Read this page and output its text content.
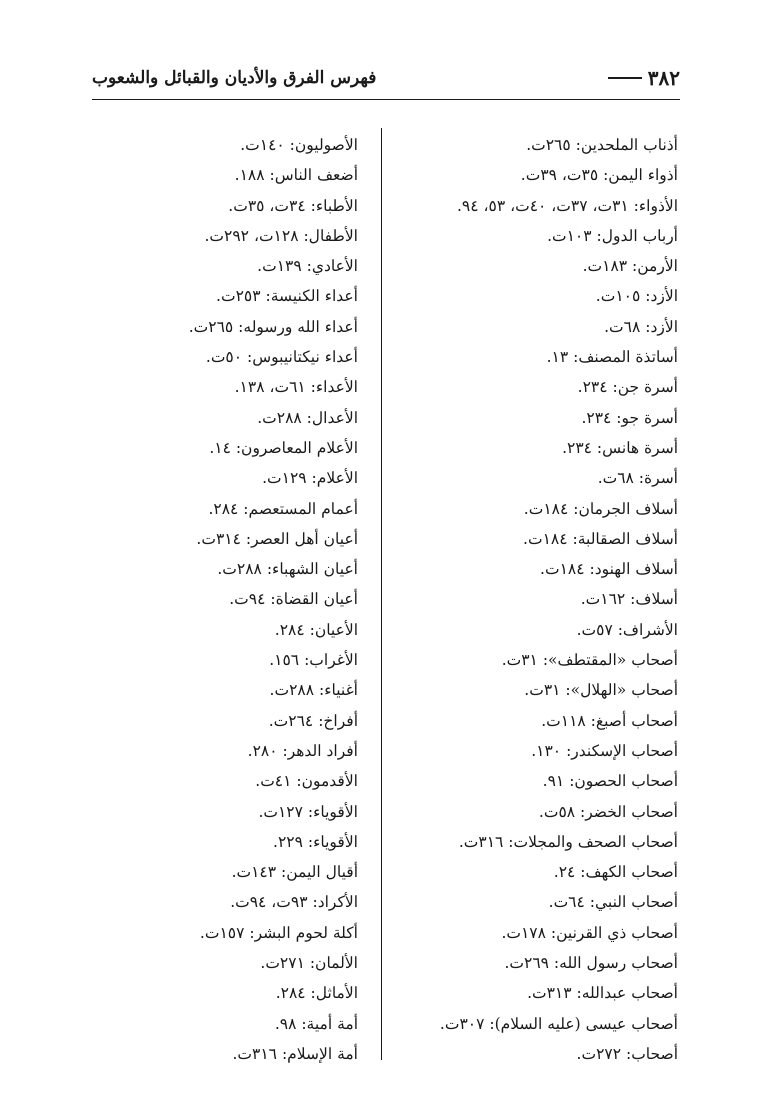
فهرس الفرق والأديان والقبائل والشعوب	٣٨٢
أذناب الملحدين: ٢٦٥ت.
أذواء اليمن: ٣٥ت، ٣٩ت.
الأذواء: ٣١ت، ٣٧ت، ٤٠ت، ٥٣، ٩٤.
أرباب الدول: ١٠٣ت.
الأرمن: ١٨٣ت.
الأزد: ١٠٥ت.
الأزد: ٦٨ت.
أساتذة المصنف: ١٣.
أسرة جن: ٢٣٤.
أسرة جو: ٢٣٤.
أسرة هانس: ٢٣٤.
أسرة: ٦٨ت.
أسلاف الجرمان: ١٨٤ت.
أسلاف الصقالبة: ١٨٤ت.
أسلاف الهنود: ١٨٤ت.
أسلاف: ١٦٢ت.
الأشراف: ٥٧ت.
أصحاب «المقتطف»: ٣١ت.
أصحاب «الهلال»: ٣١ت.
أصحاب أصبغ: ١١٨ت.
أصحاب الإسكندر: ١٣٠.
أصحاب الحصون: ٩١.
أصحاب الخضر: ٥٨ت.
أصحاب الصحف والمجلات: ٣١٦ت.
أصحاب الكهف: ٢٤.
أصحاب النبي: ٦٤ت.
أصحاب ذي القرنين: ١٧٨ت.
أصحاب رسول الله: ٢٦٩ت.
أصحاب عبدالله: ٣١٣ت.
أصحاب عيسى (عليه السلام): ٣٠٧ت.
أصحاب: ٢٧٢ت.
الأصوليون: ١٤٠ت.
أضعف الناس: ١٨٨.
الأطباء: ٣٤ت، ٣٥ت.
الأطفال: ١٢٨ت، ٢٩٢ت.
الأعادي: ١٣٩ت.
أعداء الكنيسة: ٢٥٣ت.
أعداء الله ورسوله: ٢٦٥ت.
أعداء نيكتانيبوس: ٥٠ت.
الأعداء: ٦١ت، ١٣٨.
الأعدال: ٢٨٨ت.
الأعلام المعاصرون: ١٤.
الأعلام: ١٢٩ت.
أعمام المستعصم: ٢٨٤.
أعيان أهل العصر: ٣١٤ت.
أعيان الشهباء: ٢٨٨ت.
أعيان القضاة: ٩٤ت.
الأعيان: ٢٨٤.
الأغراب: ١٥٦.
أغنياء: ٢٨٨ت.
أفراخ: ٢٦٤ت.
أفراد الدهر: ٢٨٠.
الأقدمون: ٤١ت.
الأقوياء: ١٢٧ت.
الأقوياء: ٢٢٩.
أقيال اليمن: ١٤٣ت.
الأكراد: ٩٣ت، ٩٤ت.
أكلة لحوم البشر: ١٥٧ت.
الألمان: ٢٧١ت.
الأماثل: ٢٨٤.
أمة أمية: ٩٨.
أمة الإسلام: ٣١٦ت.
